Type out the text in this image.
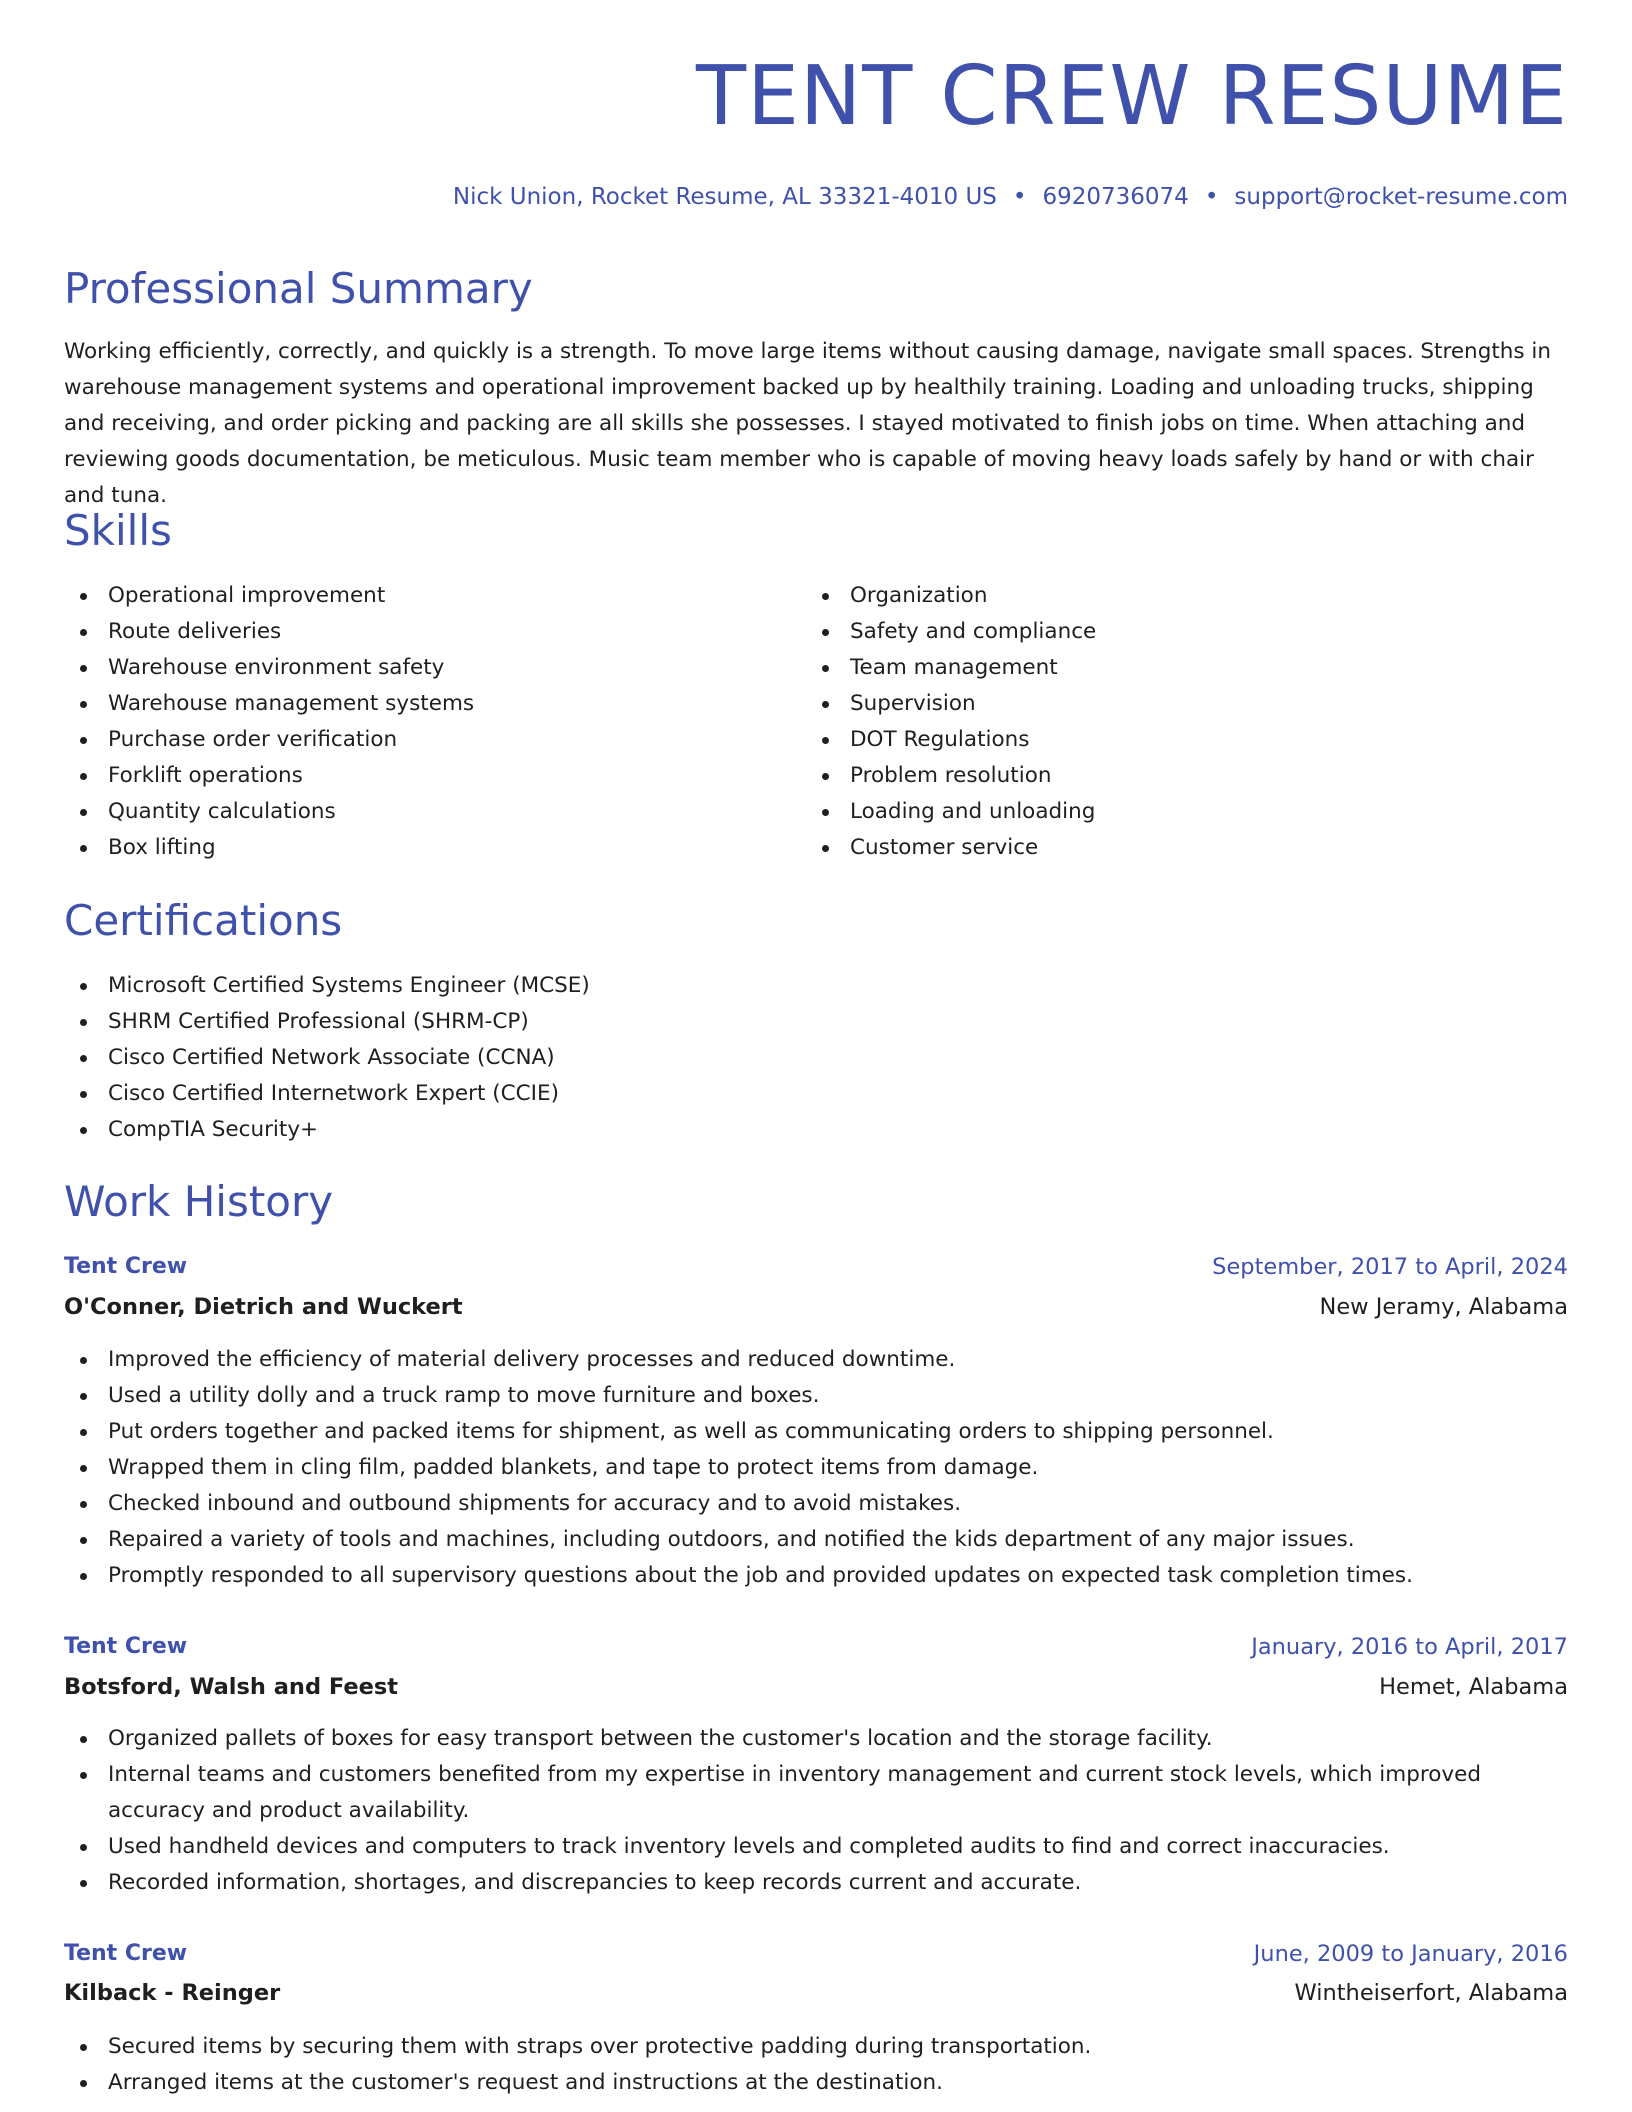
TENT CREW RESUME
Nick Union, Rocket Resume, AL 33321-4010 US • 6920736074 • support@rocket-resume.com
Professional Summary

Working efficiently, correctly, and quickly is a strength. To move large items without causing damage, navigate small spaces. Strengths in warehouse management systems and operational improvement backed up by healthily training. Loading and unloading trucks, shipping and receiving, and order picking and packing are all skills she possesses. I stayed motivated to finish jobs on time. When attaching and reviewing goods documentation, be meticulous. Music team member who is capable of moving heavy loads safely by hand or with chair and tuna.

Skills
Operational improvement
Route deliveries
Warehouse environment safety
Warehouse management systems
Purchase order verification
Forklift operations
Quantity calculations
Box lifting
Organization
Safety and compliance
Team management
Supervision
DOT Regulations
Problem resolution
Loading and unloading
Customer service
Certifications
Microsoft Certified Systems Engineer (MCSE)
SHRM Certified Professional (SHRM-CP)
Cisco Certified Network Associate (CCNA)
Cisco Certified Internetwork Expert (CCIE)
CompTIA Security+
Work History
Tent Crew	September, 2017 to April, 2024
O'Conner, Dietrich and Wuckert	New Jeramy, Alabama
Improved the efficiency of material delivery processes and reduced downtime.
Used a utility dolly and a truck ramp to move furniture and boxes.
Put orders together and packed items for shipment, as well as communicating orders to shipping personnel.
Wrapped them in cling film, padded blankets, and tape to protect items from damage.
Checked inbound and outbound shipments for accuracy and to avoid mistakes.
Repaired a variety of tools and machines, including outdoors, and notified the kids department of any major issues.
Promptly responded to all supervisory questions about the job and provided updates on expected task completion times.
Tent Crew	January, 2016 to April, 2017
Botsford, Walsh and Feest	Hemet, Alabama
Organized pallets of boxes for easy transport between the customer's location and the storage facility.
Internal teams and customers benefited from my expertise in inventory management and current stock levels, which improved accuracy and product availability.
Used handheld devices and computers to track inventory levels and completed audits to find and correct inaccuracies.
Recorded information, shortages, and discrepancies to keep records current and accurate.
Tent Crew	June, 2009 to January, 2016
Kilback - Reinger	Wintheiserfort, Alabama
Secured items by securing them with straps over protective padding during transportation.
Arranged items at the customer's request and instructions at the destination.
